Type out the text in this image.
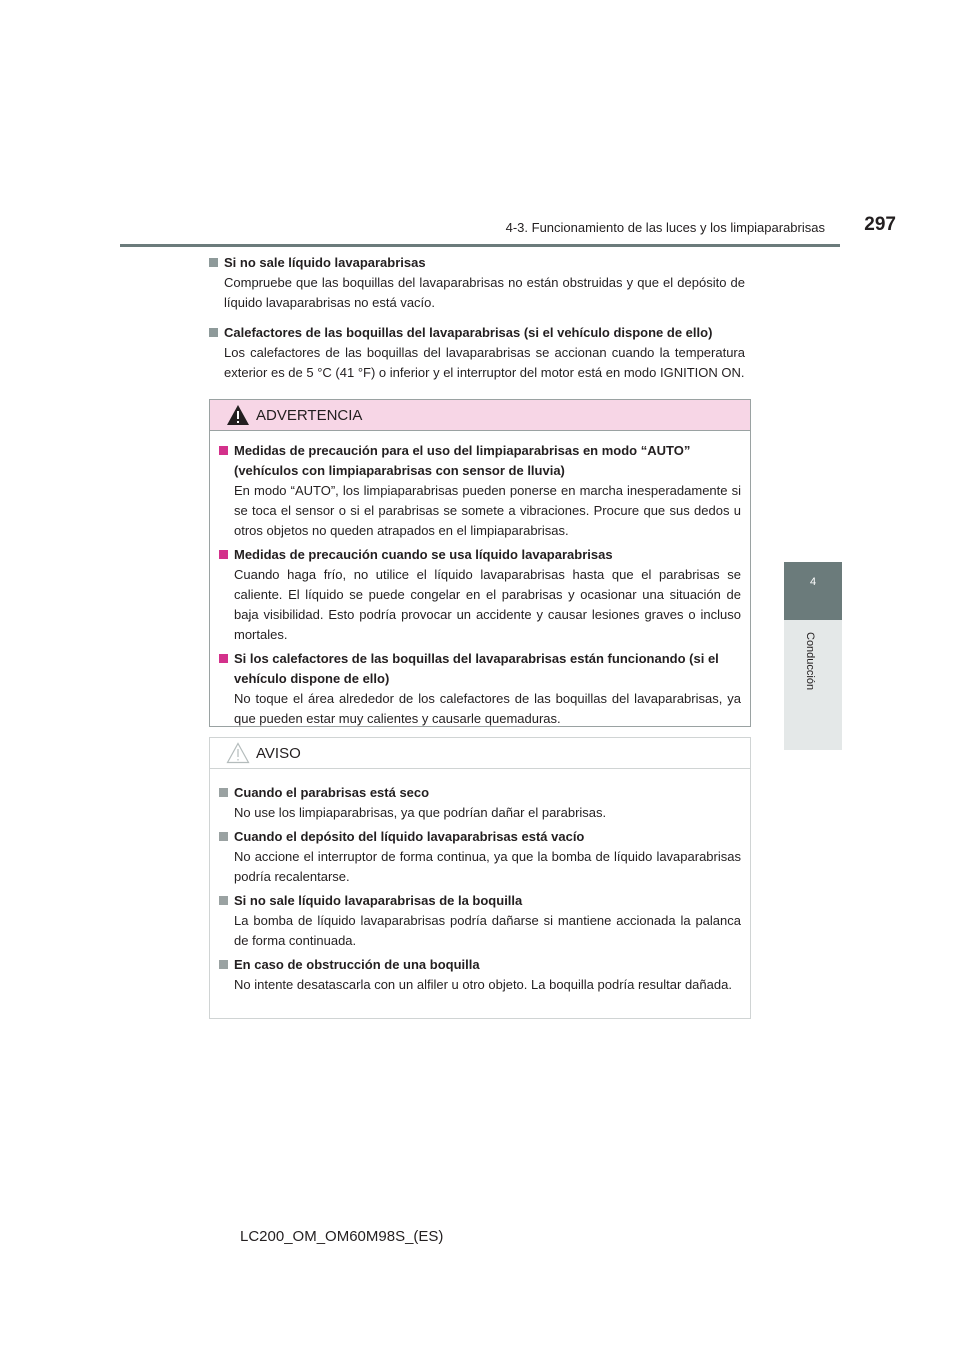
4-3. Funcionamiento de las luces y los limpiaparabrisas	297
4
Conducción
Si no sale líquido lavaparabrisas
Compruebe que las boquillas del lavaparabrisas no están obstruidas y que el depósito de líquido lavaparabrisas no está vacío.
Calefactores de las boquillas del lavaparabrisas (si el vehículo dispone de ello)
Los calefactores de las boquillas del lavaparabrisas se accionan cuando la temperatura exterior es de 5 °C (41 °F) o inferior y el interruptor del motor está en modo IGNITION ON.
ADVERTENCIA
Medidas de precaución para el uso del limpiaparabrisas en modo “AUTO” (vehículos con limpiaparabrisas con sensor de lluvia)
En modo “AUTO”, los limpiaparabrisas pueden ponerse en marcha inesperadamente si se toca el sensor o si el parabrisas se somete a vibraciones. Procure que sus dedos u otros objetos no queden atrapados en el limpiaparabrisas.
Medidas de precaución cuando se usa líquido lavaparabrisas
Cuando haga frío, no utilice el líquido lavaparabrisas hasta que el parabrisas se caliente. El líquido se puede congelar en el parabrisas y ocasionar una situación de baja visibilidad. Esto podría provocar un accidente y causar lesiones graves o incluso mortales.
Si los calefactores de las boquillas del lavaparabrisas están funcionando (si el vehículo dispone de ello)
No toque el área alrededor de los calefactores de las boquillas del lavaparabrisas, ya que pueden estar muy calientes y causarle quemaduras.
AVISO
Cuando el parabrisas está seco
No use los limpiaparabrisas, ya que podrían dañar el parabrisas.
Cuando el depósito del líquido lavaparabrisas está vacío
No accione el interruptor de forma continua, ya que la bomba de líquido lavaparabrisas podría recalentarse.
Si no sale líquido lavaparabrisas de la boquilla
La bomba de líquido lavaparabrisas podría dañarse si mantiene accionada la palanca de forma continuada.
En caso de obstrucción de una boquilla
No intente desatascarla con un alfiler u otro objeto. La boquilla podría resultar dañada.
LC200_OM_OM60M98S_(ES)
